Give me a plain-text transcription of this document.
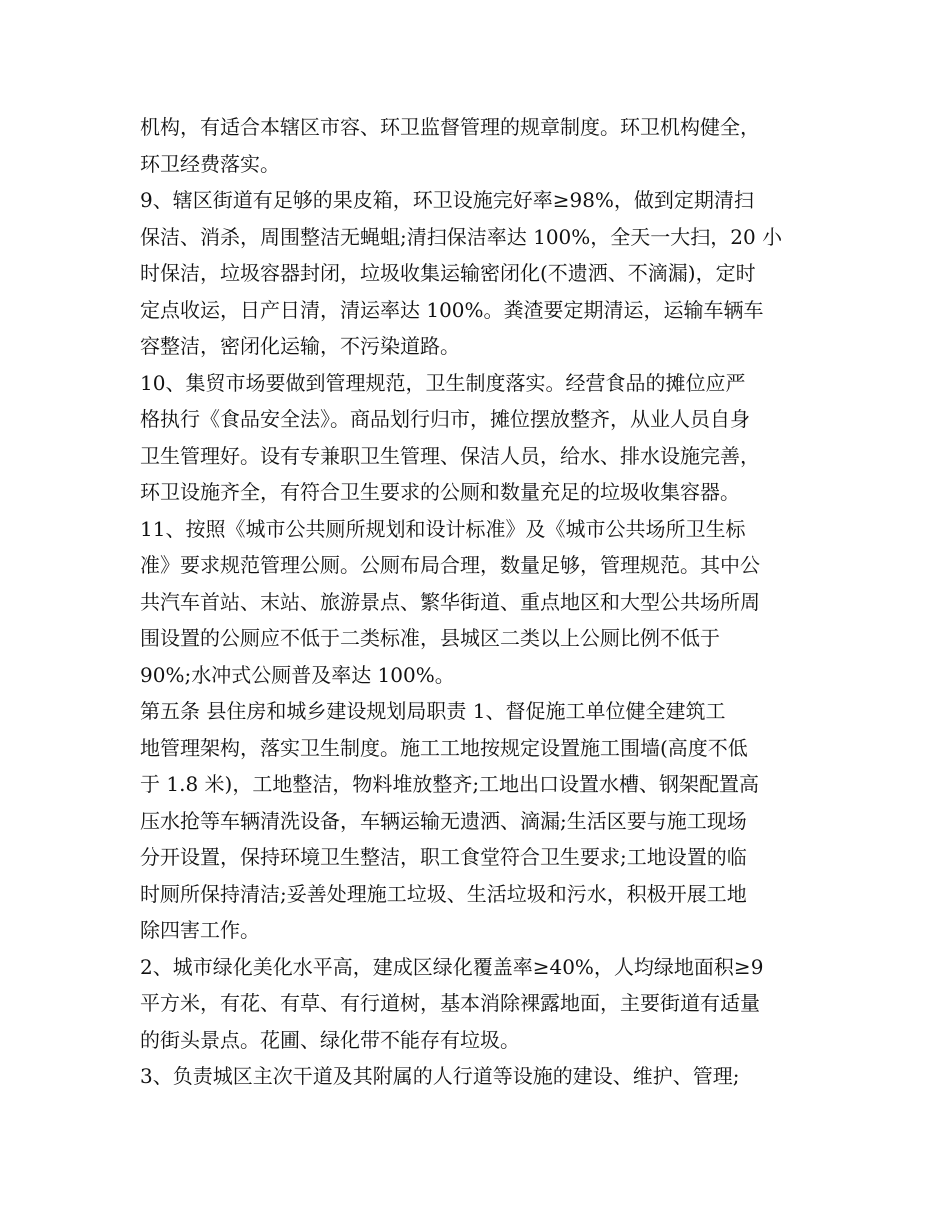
机构，有适合本辖区市容、环卫监督管理的规章制度。环卫机构健全，
环卫经费落实。
9、辖区街道有足够的果皮箱，环卫设施完好率≥98%，做到定期清扫
保洁、消杀，周围整洁无蝇蛆;清扫保洁率达 100%，全天一大扫，20 小
时保洁，垃圾容器封闭，垃圾收集运输密闭化(不遗洒、不滴漏)，定时
定点收运，日产日清，清运率达 100%。粪渣要定期清运，运输车辆车
容整洁，密闭化运输，不污染道路。
10、集贸市场要做到管理规范，卫生制度落实。经营食品的摊位应严
格执行《食品安全法》。商品划行归市，摊位摆放整齐，从业人员自身
卫生管理好。设有专兼职卫生管理、保洁人员，给水、排水设施完善，
环卫设施齐全，有符合卫生要求的公厕和数量充足的垃圾收集容器。
11、按照《城市公共厕所规划和设计标准》及《城市公共场所卫生标
准》要求规范管理公厕。公厕布局合理，数量足够，管理规范。其中公
共汽车首站、末站、旅游景点、繁华街道、重点地区和大型公共场所周
围设置的公厕应不低于二类标准，县城区二类以上公厕比例不低于
90%;水冲式公厕普及率达 100%。
第五条 县住房和城乡建设规划局职责 1、督促施工单位健全建筑工
地管理架构，落实卫生制度。施工工地按规定设置施工围墙(高度不低
于 1.8 米)，工地整洁，物料堆放整齐;工地出口设置水槽、钢架配置高
压水抢等车辆清洗设备，车辆运输无遗洒、滴漏;生活区要与施工现场
分开设置，保持环境卫生整洁，职工食堂符合卫生要求;工地设置的临
时厕所保持清洁;妥善处理施工垃圾、生活垃圾和污水，积极开展工地
除四害工作。
2、城市绿化美化水平高，建成区绿化覆盖率≥40%，人均绿地面积≥9
平方米，有花、有草、有行道树，基本消除裸露地面，主要街道有适量
的街头景点。花圃、绿化带不能存有垃圾。
3、负责城区主次干道及其附属的人行道等设施的建设、维护、管理;
